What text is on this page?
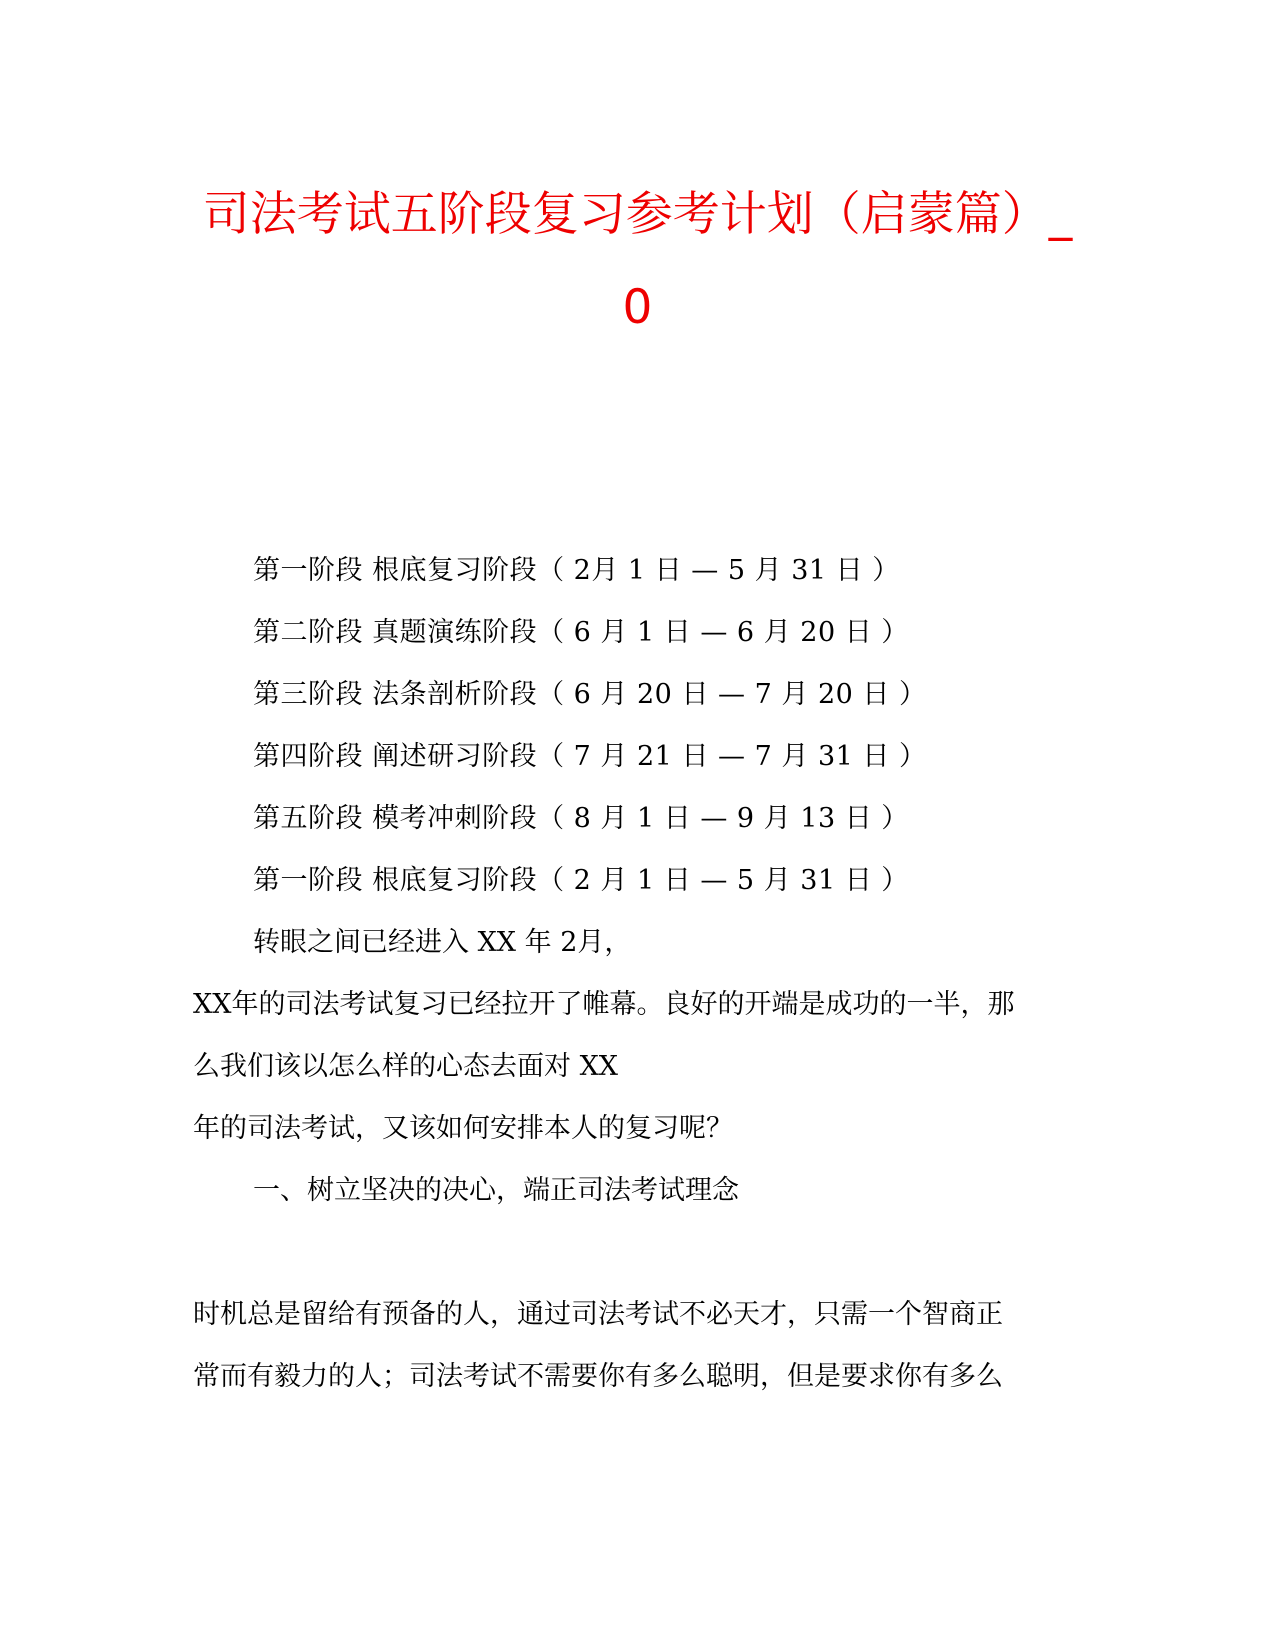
司法考试五阶段复习参考计划（启蒙篇）_
0
第一阶段 根底复习阶段（ 2月 1 日 — 5 月 31 日 ）
第二阶段 真题演练阶段（ 6 月 1 日 — 6 月 20 日 ）
第三阶段 法条剖析阶段（ 6 月 20 日 — 7 月 20 日 ）
第四阶段 阐述研习阶段（ 7 月 21 日 — 7 月 31 日 ）
第五阶段 模考冲刺阶段（ 8 月 1 日 — 9 月 13 日 ）
第一阶段 根底复习阶段（ 2 月 1 日 — 5 月 31 日 ）
转眼之间已经进入 XX 年 2月，
XX年的司法考试复习已经拉开了帷幕。良好的开端是成功的一半，那
么我们该以怎么样的心态去面对 XX
年的司法考试，又该如何安排本人的复习呢？
一、树立坚决的决心，端正司法考试理念
时机总是留给有预备的人，通过司法考试不必天才，只需一个智商正
常而有毅力的人；司法考试不需要你有多么聪明，但是要求你有多么
